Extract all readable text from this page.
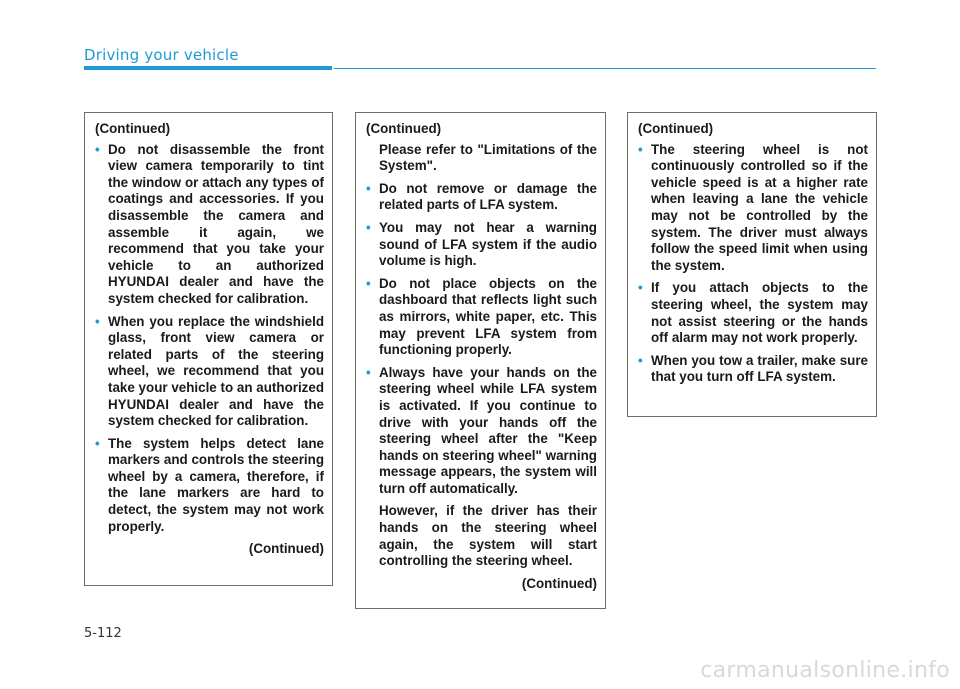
Driving your vehicle
(Continued)
• Do not disassemble the front view camera temporarily to tint the window or attach any types of coatings and accessories. If you disassemble the camera and assemble it again, we recommend that you take your vehicle to an authorized HYUNDAI dealer and have the system checked for calibration.
• When you replace the windshield glass, front view camera or related parts of the steering wheel, we recommend that you take your vehicle to an authorized HYUNDAI dealer and have the system checked for calibration.
• The system helps detect lane markers and controls the steering wheel by a camera, therefore, if the lane markers are hard to detect, the system may not work properly.
(Continued)
(Continued)
Please refer to "Limitations of the System".
• Do not remove or damage the related parts of LFA system.
• You may not hear a warning sound of LFA system if the audio volume is high.
• Do not place objects on the dashboard that reflects light such as mirrors, white paper, etc. This may prevent LFA system from functioning properly.
• Always have your hands on the steering wheel while LFA system is activated. If you continue to drive with your hands off the steering wheel after the "Keep hands on steering wheel" warning message appears, the system will turn off automatically.
However, if the driver has their hands on the steering wheel again, the system will start controlling the steering wheel.
(Continued)
(Continued)
• The steering wheel is not continuously controlled so if the vehicle speed is at a higher rate when leaving a lane the vehicle may not be controlled by the system. The driver must always follow the speed limit when using the system.
• If you attach objects to the steering wheel, the system may not assist steering or the hands off alarm may not work properly.
• When you tow a trailer, make sure that you turn off LFA system.
5-112
carmanualsonline.info
